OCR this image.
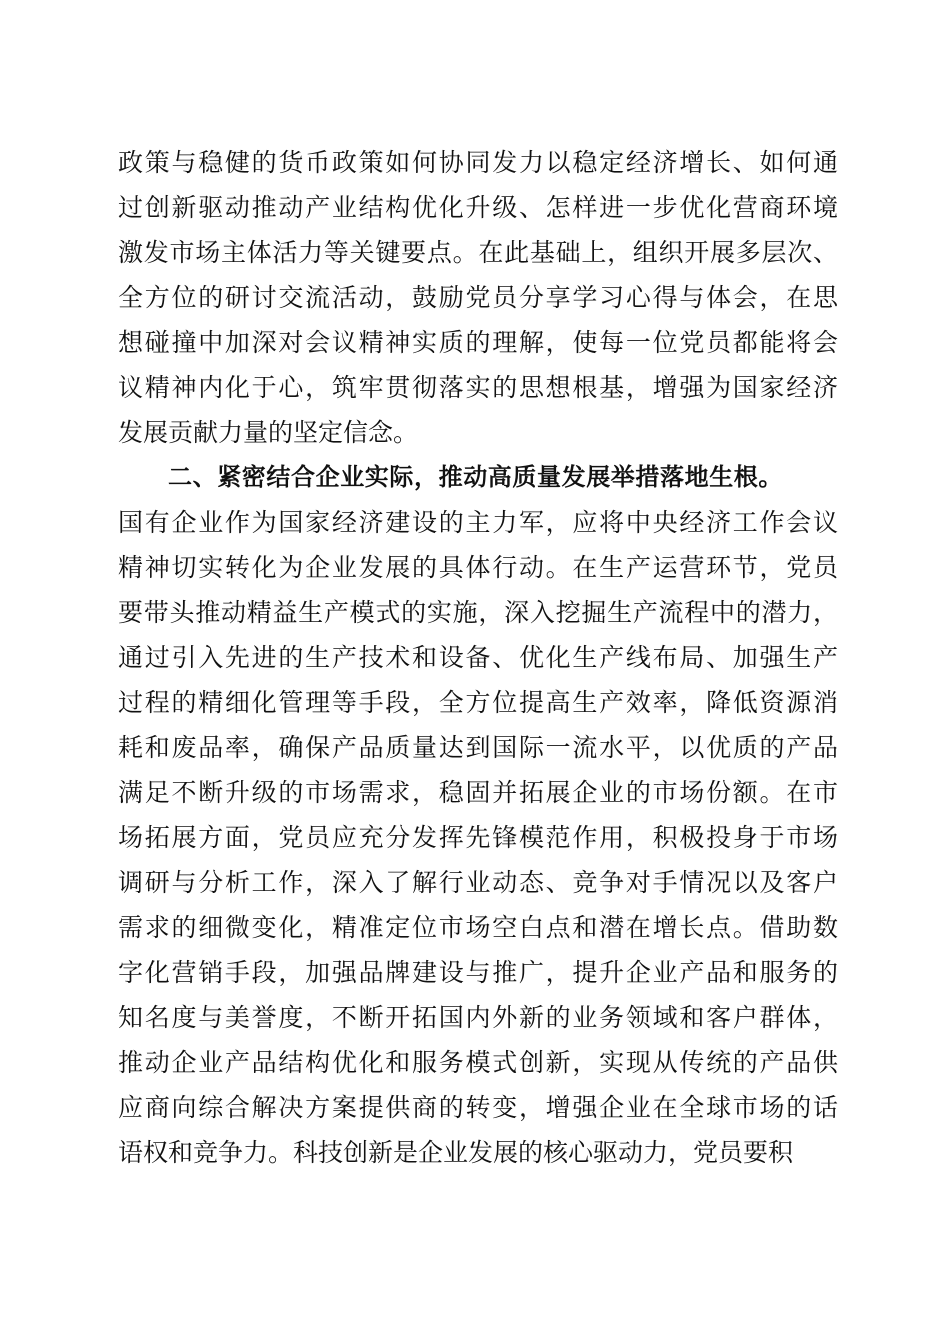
政策与稳健的货币政策如何协同发力以稳定经济增长、如何通
过创新驱动推动产业结构优化升级、怎样进一步优化营商环境
激发市场主体活力等关键要点。在此基础上，组织开展多层次、
全方位的研讨交流活动，鼓励党员分享学习心得与体会，在思
想碰撞中加深对会议精神实质的理解，使每一位党员都能将会
议精神内化于心，筑牢贯彻落实的思想根基，增强为国家经济
发展贡献力量的坚定信念。
二、紧密结合企业实际，推动高质量发展举措落地生根。
国有企业作为国家经济建设的主力军，应将中央经济工作会议
精神切实转化为企业发展的具体行动。在生产运营环节，党员
要带头推动精益生产模式的实施，深入挖掘生产流程中的潜力，
通过引入先进的生产技术和设备、优化生产线布局、加强生产
过程的精细化管理等手段，全方位提高生产效率，降低资源消
耗和废品率，确保产品质量达到国际一流水平，以优质的产品
满足不断升级的市场需求，稳固并拓展企业的市场份额。在市
场拓展方面，党员应充分发挥先锋模范作用，积极投身于市场
调研与分析工作，深入了解行业动态、竞争对手情况以及客户
需求的细微变化，精准定位市场空白点和潜在增长点。借助数
字化营销手段，加强品牌建设与推广，提升企业产品和服务的
知名度与美誉度，不断开拓国内外新的业务领域和客户群体，
推动企业产品结构优化和服务模式创新，实现从传统的产品供
应商向综合解决方案提供商的转变，增强企业在全球市场的话
语权和竞争力。科技创新是企业发展的核心驱动力，党员要积
